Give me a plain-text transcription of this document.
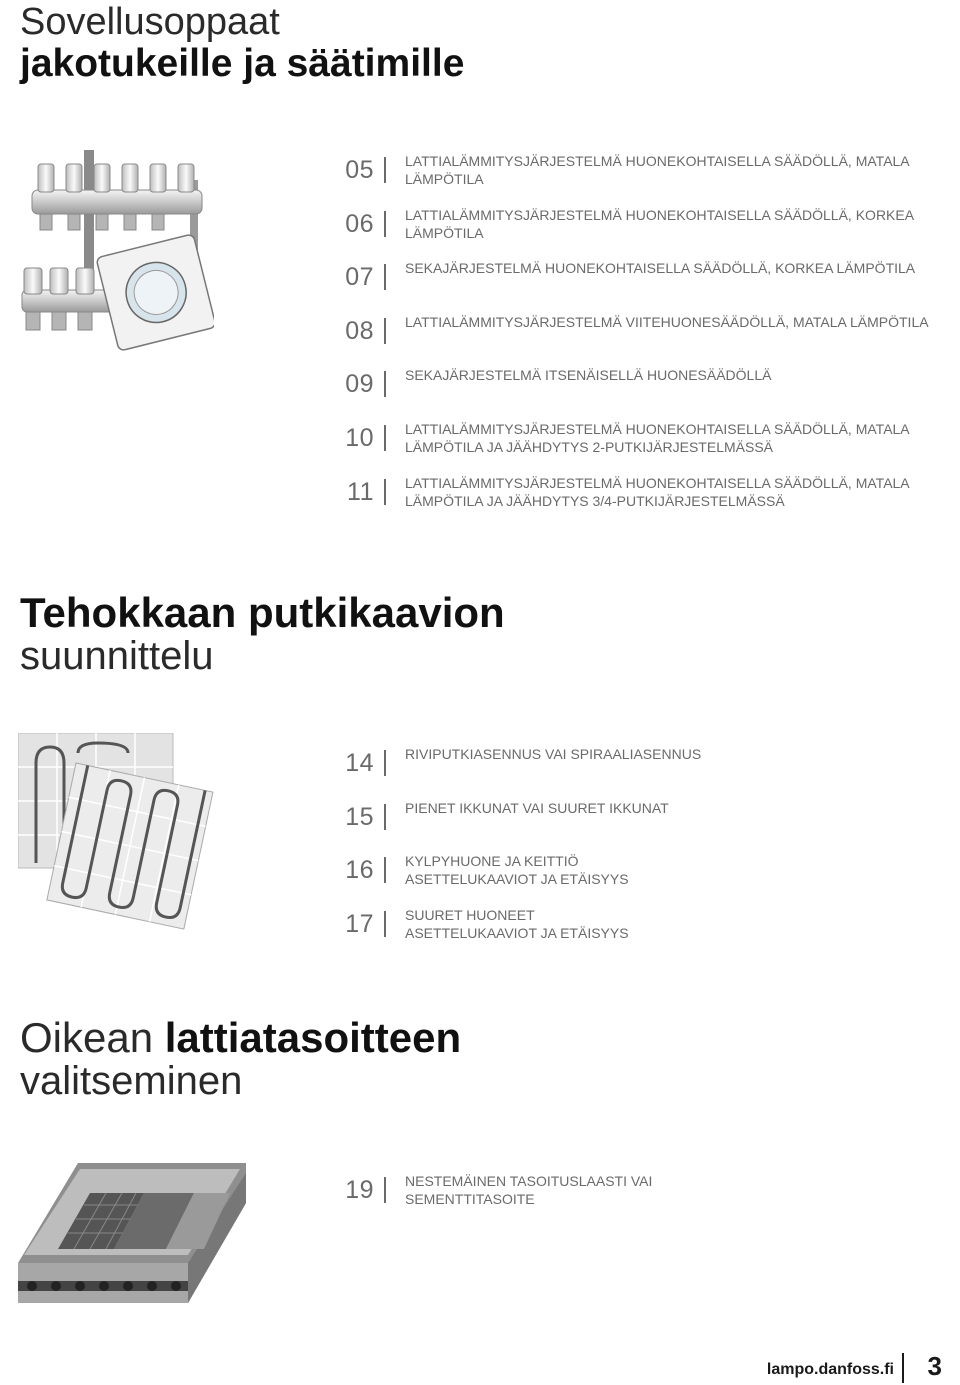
Sovellusoppaat
jakotukeille ja säätimille
05 LATTIALÄMMITYSJÄRJESTELMÄ HUONEKOHTAISELLA SÄÄDÖLLÄ, MATALA
LÄMPÖTILA
06 LATTIALÄMMITYSJÄRJESTELMÄ HUONEKOHTAISELLA SÄÄDÖLLÄ, KORKEA
LÄMPÖTILA
07 SEKAJÄRJESTELMÄ HUONEKOHTAISELLA SÄÄDÖLLÄ, KORKEA LÄMPÖTILA
08 LATTIALÄMMITYSJÄRJESTELMÄ VIITEHUONESÄÄDÖLLÄ, MATALA LÄMPÖTILA
09 SEKAJÄRJESTELMÄ ITSENÄISELLÄ HUONESÄÄDÖLLÄ
10 LATTIALÄMMITYSJÄRJESTELMÄ HUONEKOHTAISELLA SÄÄDÖLLÄ, MATALA
LÄMPÖTILA JA JÄÄHDYTYS 2-PUTKIJÄRJESTELMÄSSÄ
11 LATTIALÄMMITYSJÄRJESTELMÄ HUONEKOHTAISELLA SÄÄDÖLLÄ, MATALA
LÄMPÖTILA JA JÄÄHDYTYS 3/4-PUTKIJÄRJESTELMÄSSÄ
Tehokkaan putkikaavion
suunnittelu
14 RIVIPUTKIASENNUS VAI SPIRAALIASENNUS
15 PIENET IKKUNAT VAI SUURET IKKUNAT
16 KYLPYHUONE JA KEITTIÖ
ASETTELUKAAVIOT JA ETÄISYYS
17 SUURET HUONEET
ASETTELUKAAVIOT JA ETÄISYYS
Oikean lattiatasoitteen
valitseminen
19 NESTEMÄINEN TASOITUSLAASTI VAI
SEMENTTITASOITE
lampo.danfoss.fi	3
